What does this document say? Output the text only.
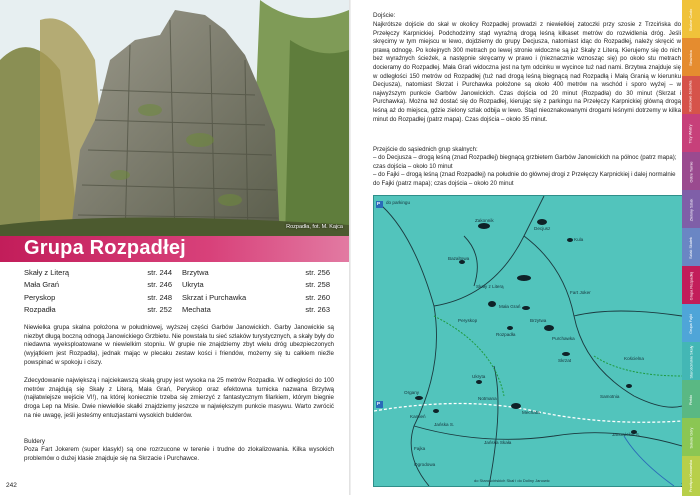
Rozpadła, fot. M. Kajca
Grupa Rozpadłej
Skały z Literą	str. 244
Mała Grań	str. 246
Peryskop	str. 248
Rozpadła	str. 252
Brzytwa	str. 256
Ukryta	str. 258
Skrzat i Purchawka	str. 260
Mechata	str. 263
Niewielka grupa skalna położona w południowej, wyższej części Garbów Janowickich. Garby Janowickie są niezbyt długą boczną odnogą Janowickiego Grzbietu. Nie powstała tu sieć szlaków turystycznych, a skały były do niedawna wyeksploatowane w niewielkim stopniu. W grupie nie znajdziemy zbyt wielu dróg ubezpieczonych (wyjątkiem jest Rozpadła), jednak mając w plecaku zestaw kości i friendów, możemy się tu całkiem nieźle powspinać w spokoju i ciszy.
Zdecydowanie największą i najciekawszą skałą grupy jest wysoka na 25 metrów Rozpadła. W odległości do 100 metrów znajdują się Skały z Literą, Mała Grań, Peryskop oraz efektowna turnicka nazwana Brzytwą (najłatwiejsze wejście VI!), na której koniecznie trzeba się zmierzyć z fantastycznym filarkiem, którym biegnie droga Lep na Misie. Dwie niewielkie skałki znajdziemy jeszcze w największym punkcie masywu. Warto zwrócić na nie uwagę, jeśli jesteśmy entuzjastami wysokich bulderów.
Buldery
Poza Fart Jokerem (super klasyk!) są one rozrzucone w terenie i trudne do zlokalizowania. Kilka wysokich problemów o dużej klasie znajduje się na Skrzacie i Purchawce.
242
Dojście:
Najkrótsze dojście do skał w okolicy Rozpadłej prowadzi z niewielkiej zatoczki przy szosie z Trzcińska do Przełęczy Karpnickiej. Podchodzimy stąd wyraźną drogą leśną kilkaset metrów do rozwidlenia dróg. Jeśli skręcimy w tym miejscu w lewo, dojdziemy do grupy Decjusza, natomiast idąc do Rozpadłej, należy skręcić w prawą odnogę. Po kolejnych 300 metrach po lewej stronie widoczne są już Skały z Literą. Kierujemy się do nich bez wyraźnych ścieżek, a następnie skręcamy w prawo i (nieznacznie wznosząc się) po około stu metrach docieramy do Rozpadłej. Mała Grań widoczna jest na tym odcinku w wycince tuż nad nami. Brzytwa znajduje się w odległości 150 metrów od Rozpadłej (tuż nad drogą leśną biegnącą nad Rozpadłą i Małą Granią w kierunku Decjusza), natomiast Skrzat i Purchawka położone są około 400 metrów na wschód i sporo wyżej – w najwyższym punkcie Garbów Janowickich. Czas dojścia od 20 minut (Rozpadła) do 30 minut (Skrzat i Purchawka). Można też dostać się do Rozpadłej, kierując się z parkingu na Przełęczy Karpnickiej główną drogą leśną aż do miejsca, gdzie zielony szlak odbija w lewo. Stąd nieoznakowanymi drogami leśnymi dotrzemy w kilka minut do Rozpadłej (patrz mapa). Czas dojścia – około 35 minut.
Przejście do sąsiednich grup skalnych:
– do Decjusza – drogą leśną (znad Rozpadłej) biegnącą grzbietem Garbów Janowickich na północ (patrz mapa); czas dojścia – około 10 minut
– do Fajki – drogą leśną (znad Rozpadłej) na południe do głównej drogi z Przełęczy Karpnickiej i dalej normalnie do Fajki (patrz mapa); czas dojścia – około 20 minut
P
P
do parkingu
Zakonnik
Decjusz
Kula
Bazaltowa
Skały z Literą
Mała Grań
Fart Joker
Peryskop	Brzytwa
Rozpadła
Purchawka
Skrzat
Ukryta
Notmana
Mechata
Samotnia
Organy
Kamień
Jańska S.
Jańska Skała
Fajka
Ogrodowa
Kościelna
Janowickie S.
do Starościńskich Skał i do Doliny Janowic
Skalne Czoło
Strużnica
Kolorowe Jeziorka
Trzy Wiatry
Ostre Turnie
Zielony Szlak
Szlak Skałek
Grupa Rozpadłej
Grupa Fajki
Starościńskie Skały
Piekło
Sokole Góry
Przełęcz Kowarska
